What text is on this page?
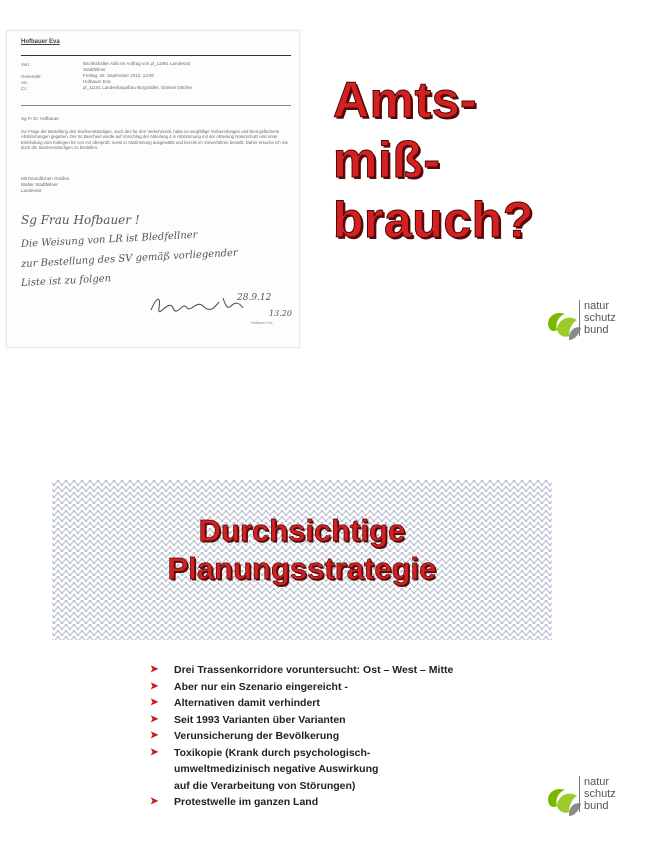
Hofbauer Eva
Von:	Bezirkshalter Adlo Im Auftrag von pl_11901 Landesrat
Stadtfellner
Gesendet:	Freitag, 28. September 2012, 13:00
An:	Hofbauer Eva
Cc:	pl_11101 Landeshauptfrau Burgstaller, Glassel Ottoher
Sg Fr Dr. Hofbauer,
zur Frage der Bestellung des Sachverständigen, auch des für den Verkehrssek. hatte es sorgfältige Vorbereitungen und breit gefächerte Abstimmungen gegeben. Der 5c Bescheid wurde auf Vorschlag der Abteilung 4 in Abstimmung mit der Abteilung Naturschutz und unter Einbindung vom Kollegen für von mir überprüft, sonst in Abstimmung ausgewählt und bereits im Vorverfahren bestellt. Daher ersuche ich Sie doch die Sachverständigen zu bestellen.
Mit freundlichen Grüßen
Walter Stadtfellner
Landesrat
Sg Frau Hofbauer !
Die Weisung von LR ist Bledfellner
zur Bestellung des SV gemäß vorliegender
Liste ist zu folgen
28.9.12
13.20
Hofbauer Eva
Amts-
miß-
brauch?
natur
schutz
bund
Durchsichtige
Planungsstrategie
➤ Drei Trassenkorridore voruntersucht: Ost – West – Mitte
➤ Aber nur ein Szenario eingereicht -
➤ Alternativen damit verhindert
➤ Seit 1993 Varianten über Varianten
➤ Verunsicherung der Bevölkerung
➤ Toxikopie (Krank durch psychologisch-
umweltmedizinisch negative Auswirkung
auf die Verarbeitung von Störungen)
➤ Protestwelle im ganzen Land
natur
schutz
bund
